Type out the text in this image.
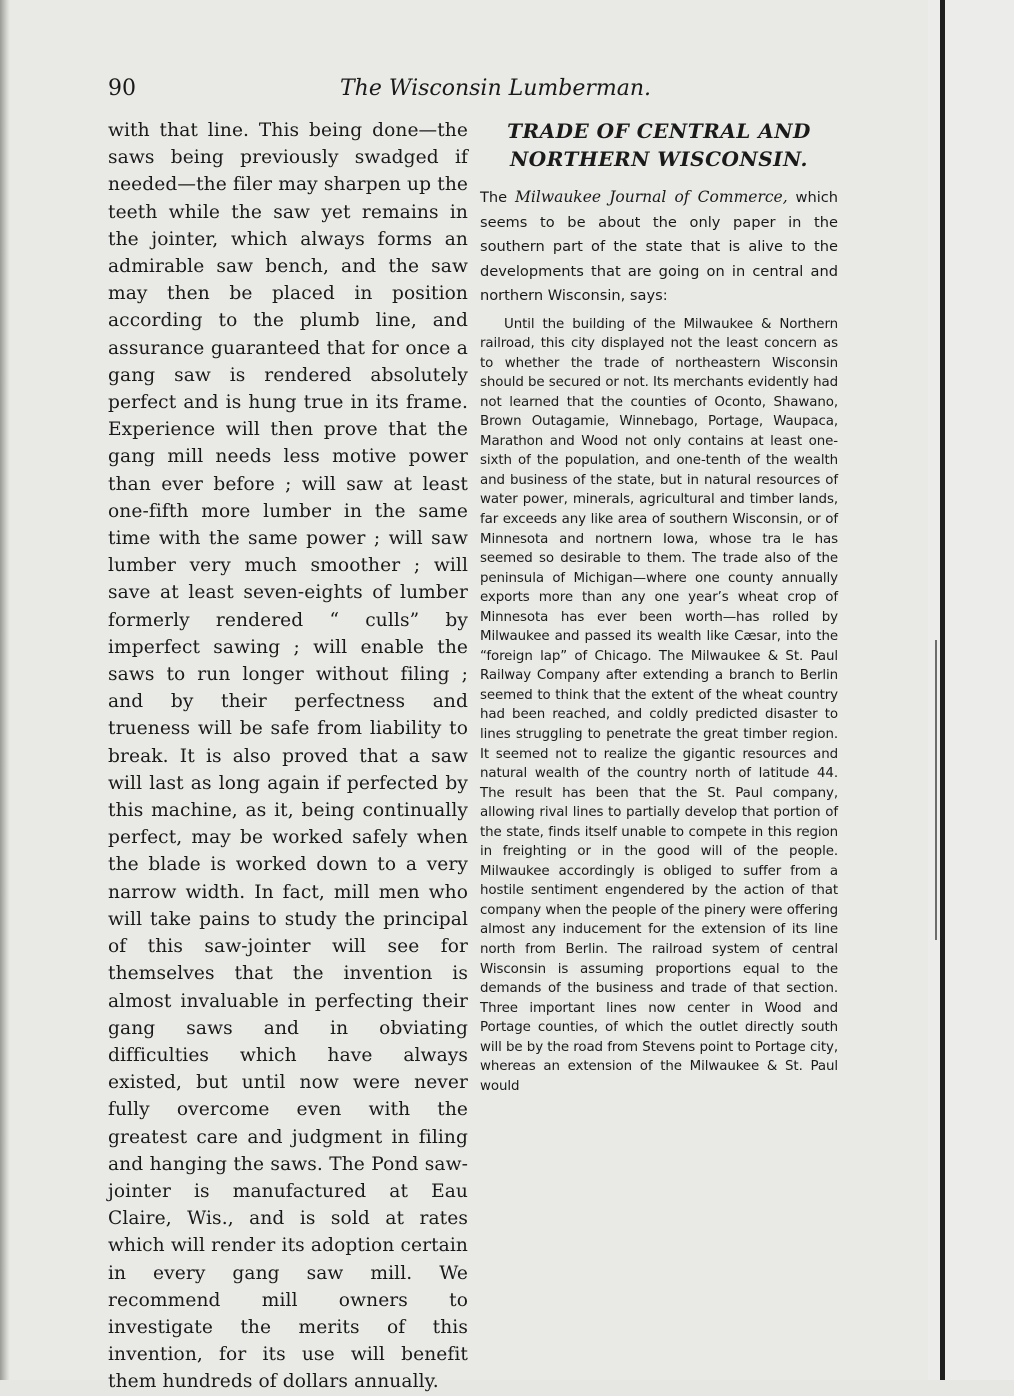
90	The Wisconsin Lumberman.

with that line. This being done—the saws being previously swadged if needed—the filer may sharpen up the teeth while the saw yet remains in the jointer, which always forms an admirable saw bench, and the saw may then be placed in position according to the plumb line, and assurance guaranteed that for once a gang saw is rendered absolutely perfect and is hung true in its frame. Experience will then prove that the gang mill needs less motive power than ever before ; will saw at least one-fifth more lumber in the same time with the same power ; will saw lumber very much smoother ; will save at least seven-eights of lumber formerly rendered “ culls” by imperfect sawing ; will enable the saws to run longer without filing ; and by their perfectness and trueness will be safe from liability to break. It is also proved that a saw will last as long again if perfected by this machine, as it, being continually perfect, may be worked safely when the blade is worked down to a very narrow width. In fact, mill men who will take pains to study the principal of this saw-jointer will see for themselves that the invention is almost invaluable in perfecting their gang saws and in obviating difficulties which have always existed, but until now were never fully overcome even with the greatest care and judgment in filing and hanging the saws. The Pond saw-jointer is manufactured at Eau Claire, Wis., and is sold at rates which will render its adoption certain in every gang saw mill. We recommend mill owners to investigate the merits of this invention, for its use will benefit them hundreds of dollars annually.

TRADE OF CENTRAL AND NORTHERN WISCONSIN.

The Milwaukee Journal of Commerce, which seems to be about the only paper in the southern part of the state that is alive to the developments that are going on in central and northern Wisconsin, says:

Until the building of the Milwaukee & Northern railroad, this city displayed not the least concern as to whether the trade of northeastern Wisconsin should be secured or not. Its merchants evidently had not learned that the counties of Oconto, Shawano, Brown Outagamie, Winnebago, Portage, Waupaca, Marathon and Wood not only contains at least one-sixth of the population, and one-tenth of the wealth and business of the state, but in natural resources of water power, minerals, agricultural and timber lands, far exceeds any like area of southern Wisconsin, or of Minnesota and nortnern Iowa, whose tra le has seemed so desirable to them. The trade also of the peninsula of Michigan—where one county annually exports more than any one year’s wheat crop of Minnesota has ever been worth—has rolled by Milwaukee and passed its wealth like Cæsar, into the “foreign lap” of Chicago. The Milwaukee & St. Paul Railway Company after extending a branch to Berlin seemed to think that the extent of the wheat country had been reached, and coldly predicted disaster to lines struggling to penetrate the great timber region. It seemed not to realize the gigantic resources and natural wealth of the country north of latitude 44. The result has been that the St. Paul company, allowing rival lines to partially develop that portion of the state, finds itself unable to compete in this region in freighting or in the good will of the people. Milwaukee accordingly is obliged to suffer from a hostile sentiment engendered by the action of that company when the people of the pinery were offering almost any inducement for the extension of its line north from Berlin. The railroad system of central Wisconsin is assuming proportions equal to the demands of the business and trade of that section. Three important lines now center in Wood and Portage counties, of which the outlet directly south will be by the road from Stevens point to Portage city, whereas an extension of the Milwaukee & St. Paul would
